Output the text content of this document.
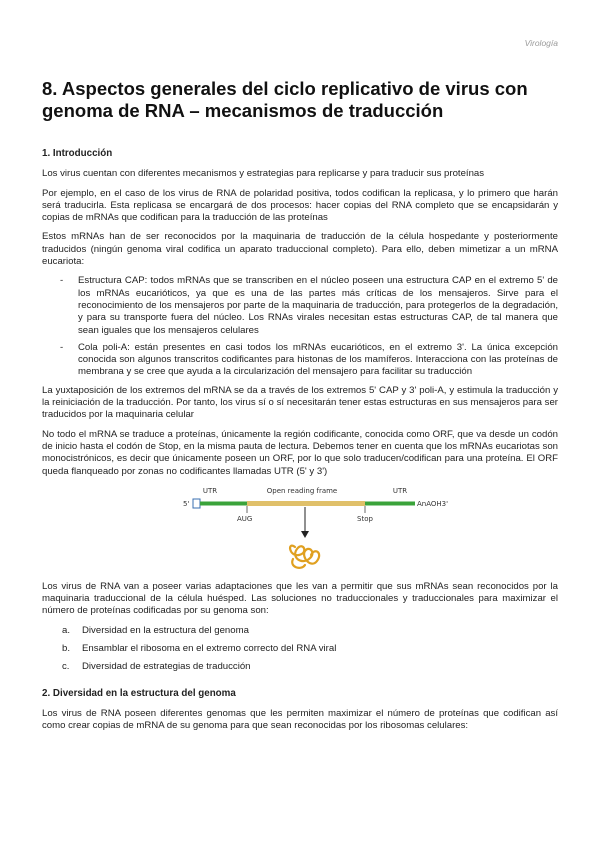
Virología
8. Aspectos generales del ciclo replicativo de virus con genoma de RNA – mecanismos de traducción
1. Introducción

Los virus cuentan con diferentes mecanismos y estrategias para replicarse y para traducir sus proteínas

Por ejemplo, en el caso de los virus de RNA de polaridad positiva, todos codifican la replicasa, y lo primero que harán será traducirla. Esta replicasa se encargará de dos procesos: hacer copias del RNA completo que se encapsidarán y copias de mRNAs que codifican para la traducción de las proteínas

Estos mRNAs han de ser reconocidos por la maquinaria de traducción de la célula hospedante y posteriormente traducidos (ningún genoma viral codifica un aparato traduccional completo). Para ello, deben mimetizar a un mRNA eucariota:

- Estructura CAP: todos mRNAs que se transcriben en el núcleo poseen una estructura CAP en el extremo 5' de los mRNAs eucarióticos, ya que es una de las partes más críticas de los mensajeros. Sirve para el reconocimiento de los mensajeros por parte de la maquinaria de traducción, para protegerlos de la degradación, y para su transporte fuera del núcleo. Los RNAs virales necesitan estas estructuras CAP, de tal manera que sean iguales que los mensajeros celulares
- Cola poli-A: están presentes en casi todos los mRNAs eucarióticos, en el extremo 3'. La única excepción conocida son algunos transcritos codificantes para histonas de los mamíferos. Interacciona con las proteínas de membrana y se cree que ayuda a la circularización del mensajero para facilitar su traducción

La yuxtaposición de los extremos del mRNA se da a través de los extremos 5' CAP y 3' poli-A, y estimula la traducción y la reiniciación de la traducción. Por tanto, los virus sí o sí necesitarán tener estas estructuras en sus mensajeros para ser traducidos por la maquinaria celular

No todo el mRNA se traduce a proteínas, únicamente la región codificante, conocida como ORF, que va desde un codón de inicio hasta el codón de Stop, en la misma pauta de lectura. Debemos tener en cuenta que los mRNAs eucariotas son monocistrónicos, es decir que únicamente poseen un ORF, por lo que solo traducen/codifican para una proteína. El ORF queda flanqueado por zonas no codificantes llamadas UTR (5' y 3')

UTR	Open reading frame	UTR
5'	AnAOH3'
AUG	Stop

Los virus de RNA van a poseer varias adaptaciones que les van a permitir que sus mRNAs sean reconocidos por la maquinaria traduccional de la célula huésped. Las soluciones no traduccionales y traduccionales para maximizar el número de proteínas codificadas por su genoma son:

a. Diversidad en la estructura del genoma
b. Ensamblar el ribosoma en el extremo correcto del RNA viral
c. Diversidad de estrategias de traducción
2. Diversidad en la estructura del genoma

Los virus de RNA poseen diferentes genomas que les permiten maximizar el número de proteínas que codifican así como crear copias de mRNA de su genoma para que sean reconocidas por los ribosomas celulares:
